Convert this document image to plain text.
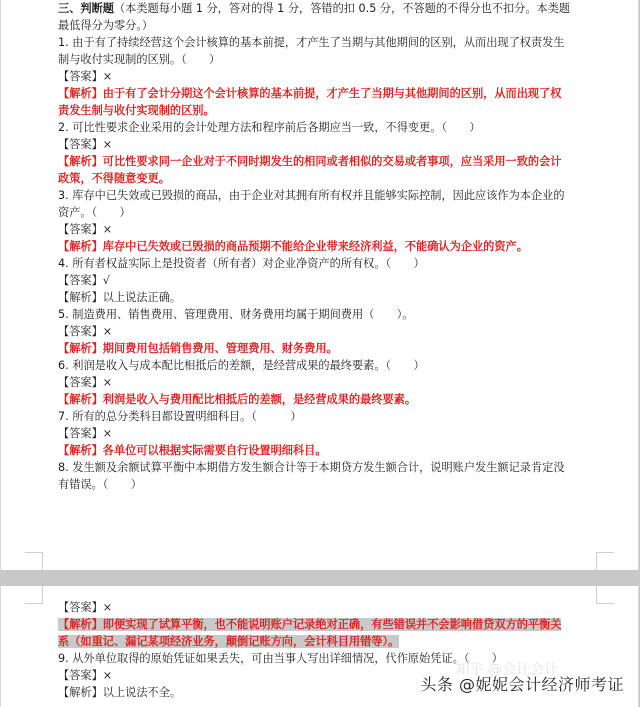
三、判断题（本类题每小题 1 分，答对的得 1 分，答错的扣 0.5 分，不答题的不得分也不扣分。本类题最低得分为零分。）

1. 由于有了持续经营这个会计核算的基本前提，才产生了当期与其他期间的区别，从而出现了权责发生制与收付实现制的区别。（　　）

【答案】×

【解析】由于有了会计分期这个会计核算的基本前提，才产生了当期与其他期间的区别，从而出现了权责发生制与收付实现制的区别。

2. 可比性要求企业采用的会计处理方法和程序前后各期应当一致，不得变更。（　　）

【答案】×

【解析】可比性要求同一企业对于不同时期发生的相同或者相似的交易或者事项，应当采用一致的会计政策，不得随意变更。

3. 库存中已失效或已毁损的商品，由于企业对其拥有所有权并且能够实际控制，因此应该作为本企业的资产。（　　）

【答案】×

【解析】库存中已失效或已毁损的商品预期不能给企业带来经济利益，不能确认为企业的资产。

4. 所有者权益实际上是投资者（所有者）对企业净资产的所有权。（　　）

【答案】√

【解析】以上说法正确。

5. 制造费用、销售费用、管理费用、财务费用均属于期间费用（　　）。

【答案】×

【解析】期间费用包括销售费用、管理费用、财务费用。

6. 利润是收入与成本配比相抵后的差额，是经营成果的最终要素。（　　）

【答案】×

【解析】利润是收入与费用配比相抵后的差额，是经营成果的最终要素。

7. 所有的总分类科目都设置明细科目。（　　　）

【答案】×

【解析】各单位可以根据实际需要自行设置明细科目。

8. 发生额及余额试算平衡中本期借方发生额合计等于本期贷方发生额合计，说明账户发生额记录肯定没有错误。（　　）

【答案】×

【解析】即便实现了试算平衡，也不能说明账户记录绝对正确，有些错误并不会影响借贷双方的平衡关系（如重记、漏记某项经济业务，颠倒记账方向，会计科目用错等）。

9. 从外单位取得的原始凭证如果丢失，可由当事人写出详细情况，代作原始凭证。（　　）

【答案】×

【解析】以上说法不全。

知乎 @会计会计
头条 @妮妮会计经济师考证
